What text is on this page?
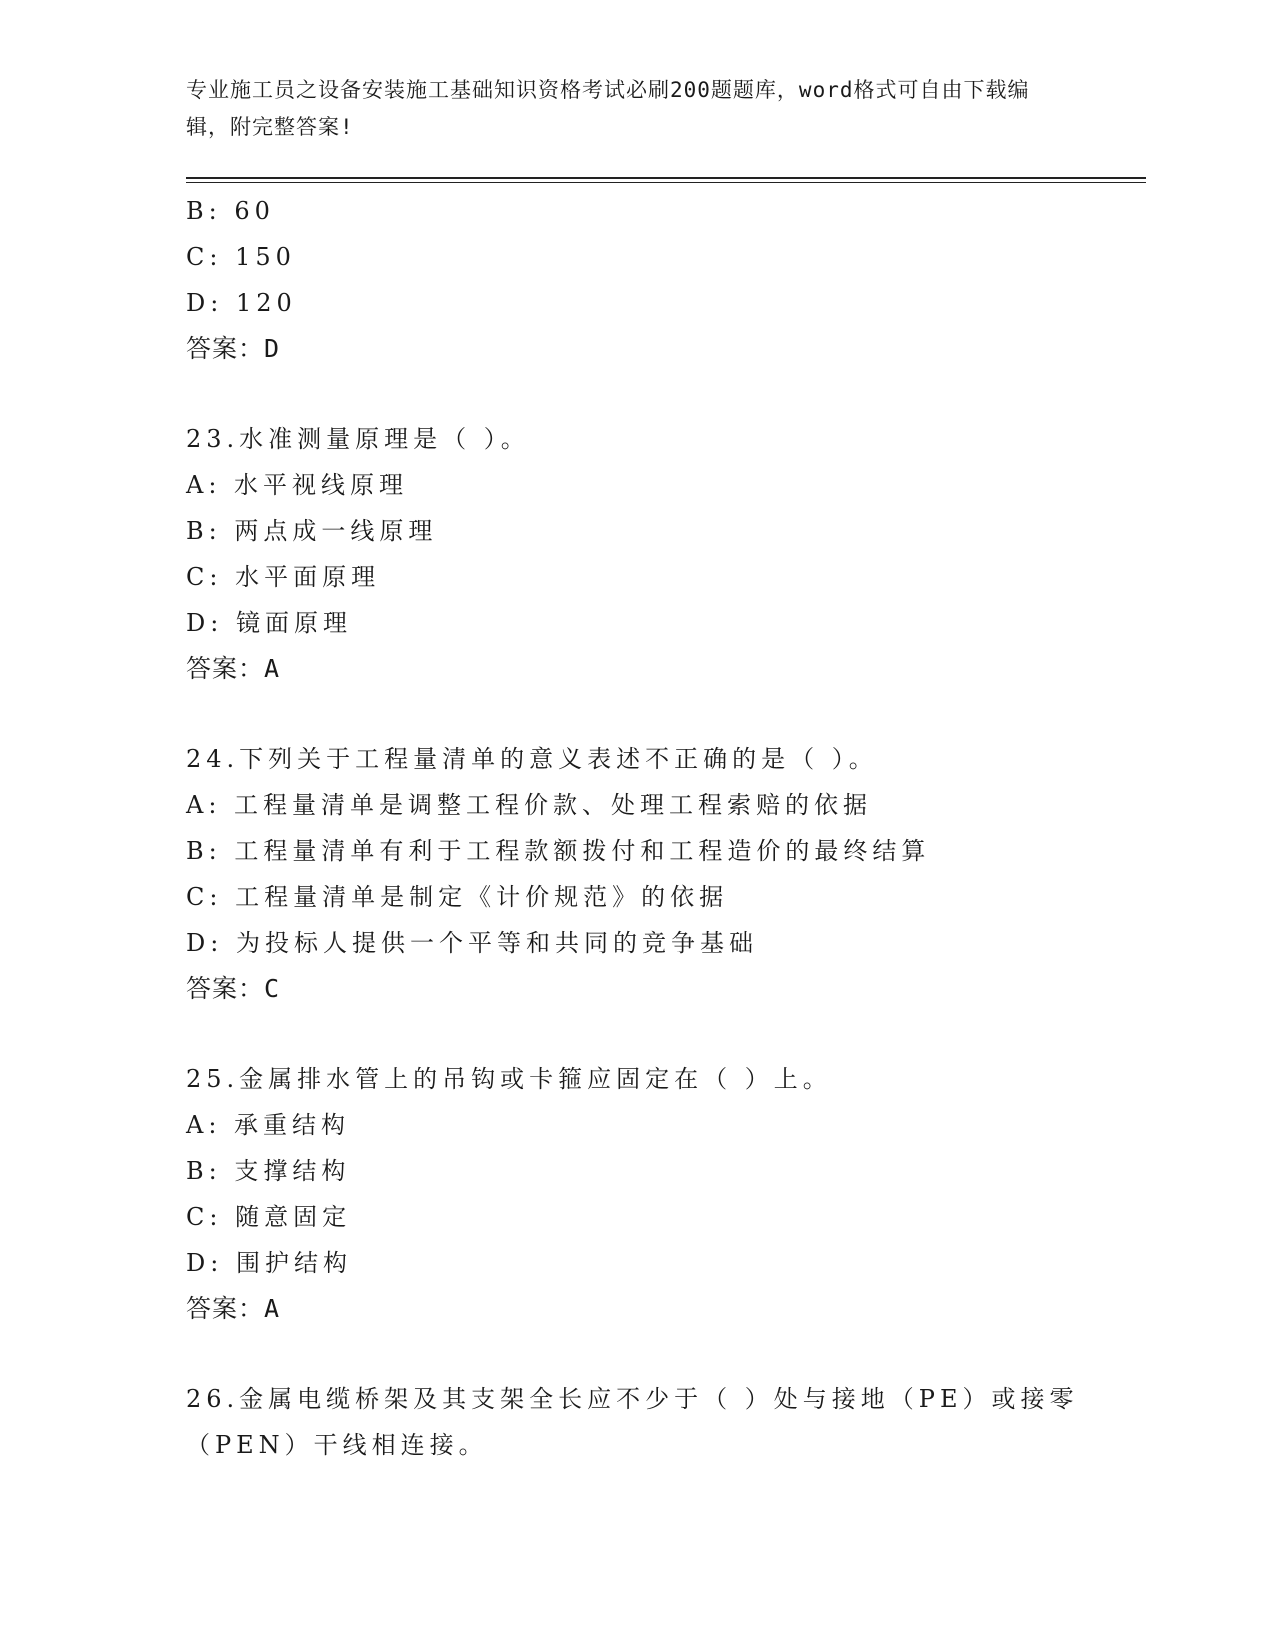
专业施工员之设备安装施工基础知识资格考试必刷200题题库，word格式可自由下载编辑，附完整答案!
B: 60
C: 150
D: 120
答案：D
23.水准测量原理是（ ）。
A: 水平视线原理
B: 两点成一线原理
C: 水平面原理
D: 镜面原理
答案：A
24.下列关于工程量清单的意义表述不正确的是（ ）。
A: 工程量清单是调整工程价款、处理工程索赔的依据
B: 工程量清单有利于工程款额拨付和工程造价的最终结算
C: 工程量清单是制定《计价规范》的依据
D: 为投标人提供一个平等和共同的竞争基础
答案：C
25.金属排水管上的吊钩或卡箍应固定在（ ）上。
A: 承重结构
B: 支撑结构
C: 随意固定
D: 围护结构
答案：A
26.金属电缆桥架及其支架全长应不少于（ ）处与接地（PE）或接零
（PEN）干线相连接。
